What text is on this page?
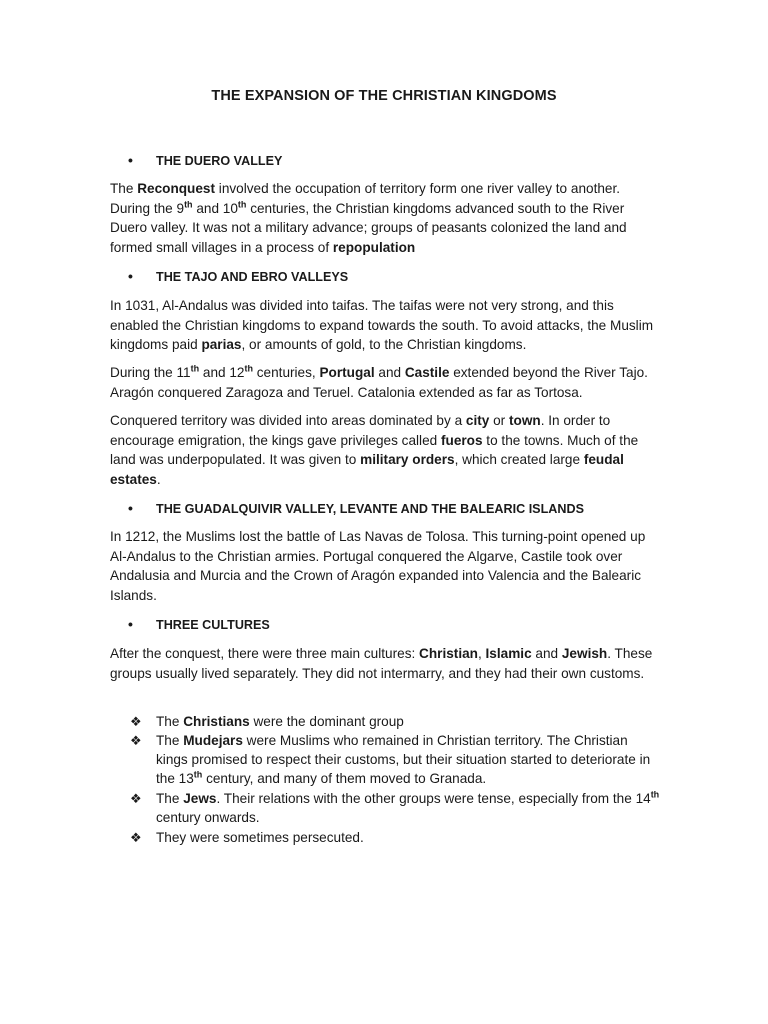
THE EXPANSION OF THE CHRISTIAN KINGDOMS
• THE DUERO VALLEY
The Reconquest involved the occupation of territory form one river valley to another. During the 9th and 10th centuries, the Christian kingdoms advanced south to the River Duero valley. It was not a military advance; groups of peasants colonized the land and formed small villages in a process of repopulation
• THE TAJO AND EBRO VALLEYS
In 1031, Al-Andalus was divided into taifas. The taifas were not very strong, and this enabled the Christian kingdoms to expand towards the south. To avoid attacks, the Muslim kingdoms paid parias, or amounts of gold, to the Christian kingdoms.
During the 11th and 12th centuries, Portugal and Castile extended beyond the River Tajo. Aragón conquered Zaragoza and Teruel. Catalonia extended as far as Tortosa.
Conquered territory was divided into areas dominated by a city or town. In order to encourage emigration, the kings gave privileges called fueros to the towns. Much of the land was underpopulated. It was given to military orders, which created large feudal estates.
• THE GUADALQUIVIR VALLEY, LEVANTE AND THE BALEARIC ISLANDS
In 1212, the Muslims lost the battle of Las Navas de Tolosa. This turning-point opened up Al-Andalus to the Christian armies. Portugal conquered the Algarve, Castile took over Andalusia and Murcia and the Crown of Aragón expanded into Valencia and the Balearic Islands.
• THREE CULTURES
After the conquest, there were three main cultures: Christian, Islamic and Jewish. These groups usually lived separately. They did not intermarry, and they had their own customs.
❖ The Christians were the dominant group
❖ The Mudejars were Muslims who remained in Christian territory. The Christian kings promised to respect their customs, but their situation started to deteriorate in the 13th century, and many of them moved to Granada.
❖ The Jews. Their relations with the other groups were tense, especially from the 14th century onwards.
❖ They were sometimes persecuted.
